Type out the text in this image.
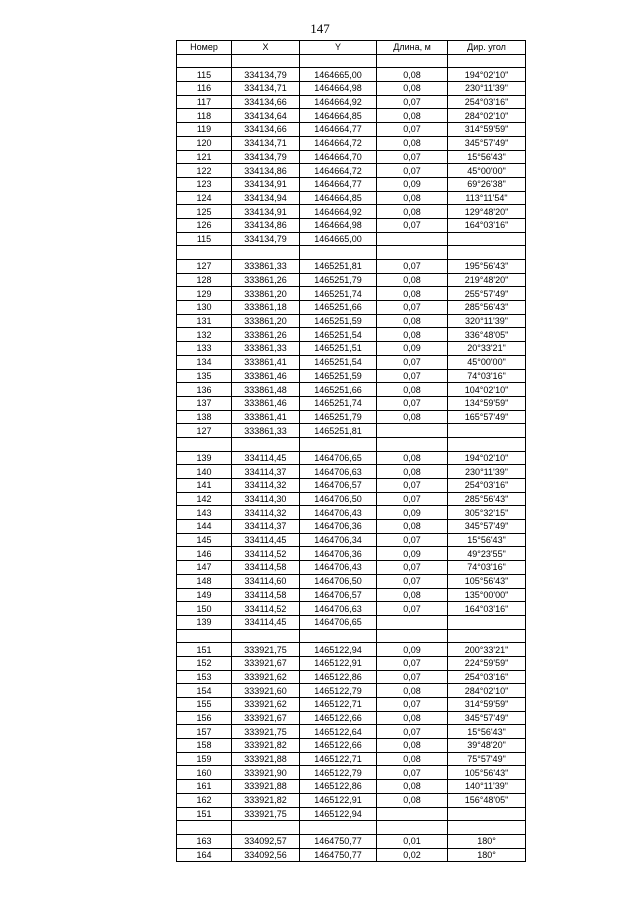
147
Номер	X	Y	Длина, м	Дир. угол

115	334134,79	1464665,00	0,08	194°02'10"
116	334134,71	1464664,98	0,08	230°11'39"
117	334134,66	1464664,92	0,07	254°03'16"
118	334134,64	1464664,85	0,08	284°02'10"
119	334134,66	1464664,77	0,07	314°59'59"
120	334134,71	1464664,72	0,08	345°57'49"
121	334134,79	1464664,70	0,07	15°56'43"
122	334134,86	1464664,72	0,07	45°00'00"
123	334134,91	1464664,77	0,09	69°26'38"
124	334134,94	1464664,85	0,08	113°11'54"
125	334134,91	1464664,92	0,08	129°48'20"
126	334134,86	1464664,98	0,07	164°03'16"
115	334134,79	1464665,00		

127	333861,33	1465251,81	0,07	195°56'43"
128	333861,26	1465251,79	0,08	219°48'20"
129	333861,20	1465251,74	0,08	255°57'49"
130	333861,18	1465251,66	0,07	285°56'43"
131	333861,20	1465251,59	0,08	320°11'39"
132	333861,26	1465251,54	0,08	336°48'05"
133	333861,33	1465251,51	0,09	20°33'21"
134	333861,41	1465251,54	0,07	45°00'00"
135	333861,46	1465251,59	0,07	74°03'16"
136	333861,48	1465251,66	0,08	104°02'10"
137	333861,46	1465251,74	0,07	134°59'59"
138	333861,41	1465251,79	0,08	165°57'49"
127	333861,33	1465251,81		

139	334114,45	1464706,65	0,08	194°02'10"
140	334114,37	1464706,63	0,08	230°11'39"
141	334114,32	1464706,57	0,07	254°03'16"
142	334114,30	1464706,50	0,07	285°56'43"
143	334114,32	1464706,43	0,09	305°32'15"
144	334114,37	1464706,36	0,08	345°57'49"
145	334114,45	1464706,34	0,07	15°56'43"
146	334114,52	1464706,36	0,09	49°23'55"
147	334114,58	1464706,43	0,07	74°03'16"
148	334114,60	1464706,50	0,07	105°56'43"
149	334114,58	1464706,57	0,08	135°00'00"
150	334114,52	1464706,63	0,07	164°03'16"
139	334114,45	1464706,65		

151	333921,75	1465122,94	0,09	200°33'21"
152	333921,67	1465122,91	0,07	224°59'59"
153	333921,62	1465122,86	0,07	254°03'16"
154	333921,60	1465122,79	0,08	284°02'10"
155	333921,62	1465122,71	0,07	314°59'59"
156	333921,67	1465122,66	0,08	345°57'49"
157	333921,75	1465122,64	0,07	15°56'43"
158	333921,82	1465122,66	0,08	39°48'20"
159	333921,88	1465122,71	0,08	75°57'49"
160	333921,90	1465122,79	0,07	105°56'43"
161	333921,88	1465122,86	0,08	140°11'39"
162	333921,82	1465122,91	0,08	156°48'05"
151	333921,75	1465122,94		

163	334092,57	1464750,77	0,01	180°
164	334092,56	1464750,77	0,02	180°
